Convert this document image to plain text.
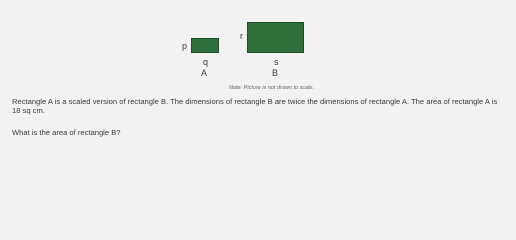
p
q
A
r
s
B
Note: Picture is not drawn to scale.

Rectangle A is a scaled version of rectangle B. The dimensions of rectangle B are twice the dimensions of rectangle A. The area of rectangle A is 18 sq cm.

What is the area of rectangle B?
